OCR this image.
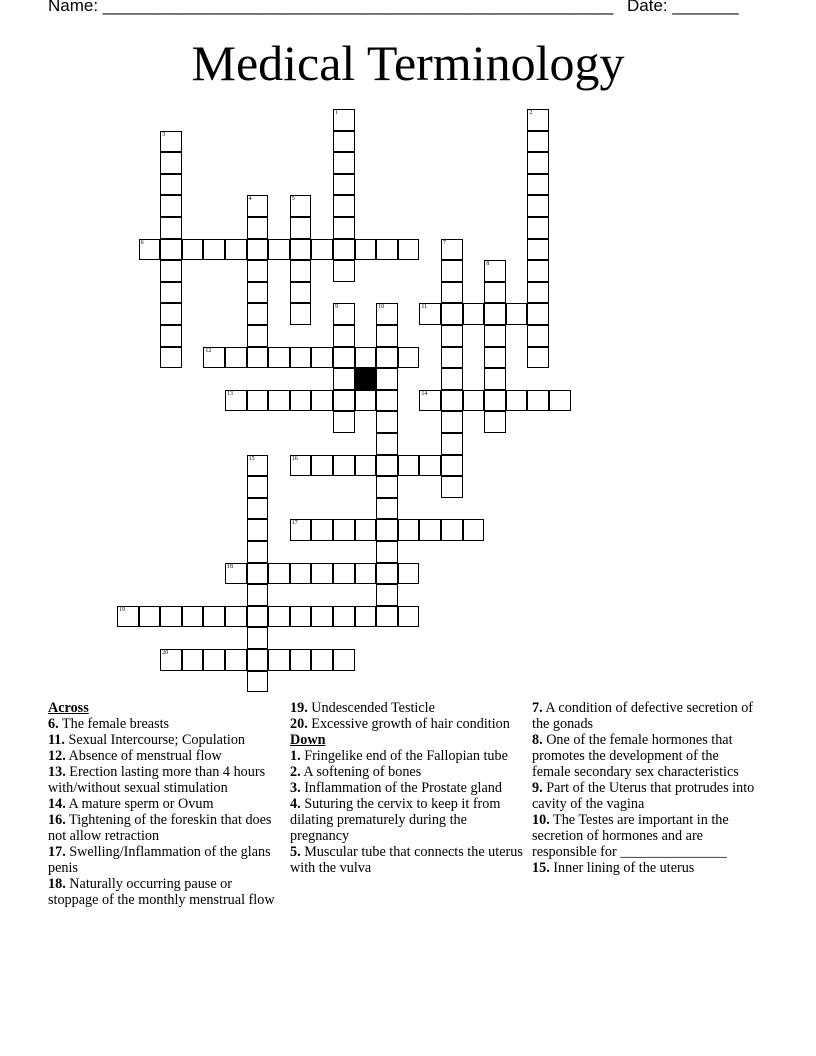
Name: ______________________________________________________ Date: _______
Medical Terminology
1	2
3
4	5
6	7
8
9	10	11
12
13	14
15	16
17
18
19
20
Across
6. The female breasts
11. Sexual Intercourse; Copulation
12. Absence of menstrual flow
13. Erection lasting more than 4 hours with/without sexual stimulation
14. A mature sperm or Ovum
16. Tightening of the foreskin that does not allow retraction
17. Swelling/Inflammation of the glans penis
18. Naturally occurring pause or stoppage of the monthly menstrual flow
19. Undescended Testicle
20. Excessive growth of hair condition
Down
1. Fringelike end of the Fallopian tube
2. A softening of bones
3. Inflammation of the Prostate gland
4. Suturing the cervix to keep it from dilating prematurely during the pregnancy
5. Muscular tube that connects the uterus with the vulva
7. A condition of defective secretion of the gonads
8. One of the female hormones that promotes the development of the female secondary sex characteristics
9. Part of the Uterus that protrudes into cavity of the vagina
10. The Testes are important in the secretion of hormones and are responsible for _______________
15. Inner lining of the uterus
